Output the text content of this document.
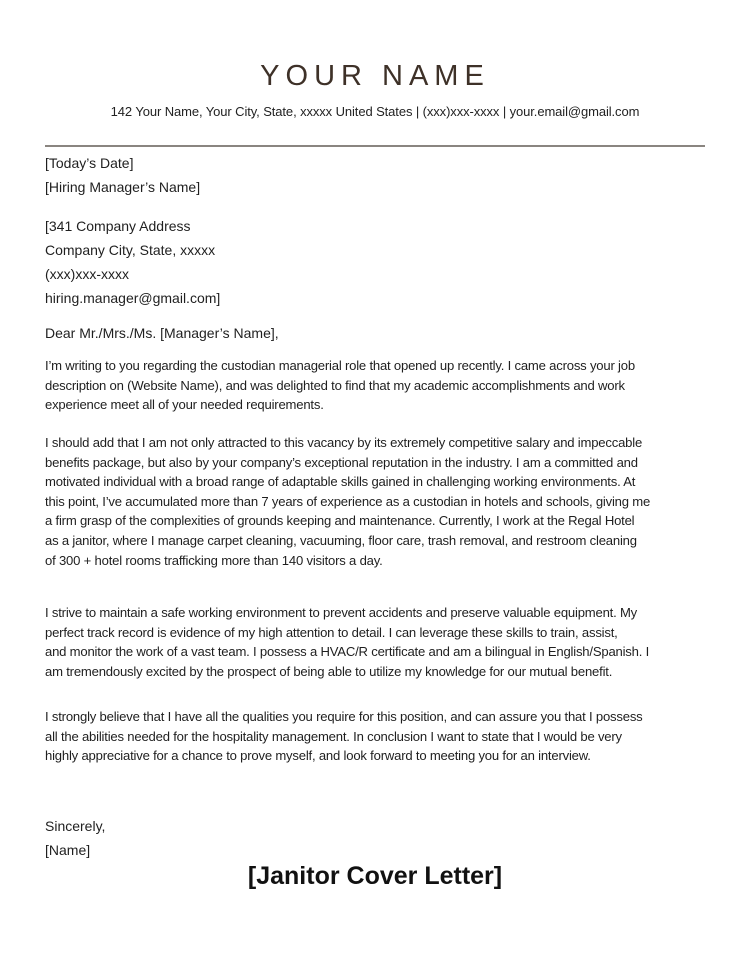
YOUR NAME
142 Your Name, Your City, State, xxxxx United States | (xxx)xxx-xxxx | your.email@gmail.com
[Today’s Date]
[Hiring Manager’s Name]
[341 Company Address
Company City, State, xxxxx
(xxx)xxx-xxxx
hiring.manager@gmail.com]
Dear Mr./Mrs./Ms. [Manager’s Name],
I’m writing to you regarding the custodian managerial role that opened up recently. I came across your job
description on (Website Name), and was delighted to find that my academic accomplishments and work
experience meet all of your needed requirements.
I should add that I am not only attracted to this vacancy by its extremely competitive salary and impeccable
benefits package, but also by your company’s exceptional reputation in the industry. I am a committed and
motivated individual with a broad range of adaptable skills gained in challenging working environments. At
this point, I’ve accumulated more than 7 years of experience as a custodian in hotels and schools, giving me
a firm grasp of the complexities of grounds keeping and maintenance. Currently, I work at the Regal Hotel
as a janitor, where I manage carpet cleaning, vacuuming, floor care, trash removal, and restroom cleaning
of 300 + hotel rooms trafficking more than 140 visitors a day.
I strive to maintain a safe working environment to prevent accidents and preserve valuable equipment. My
perfect track record is evidence of my high attention to detail. I can leverage these skills to train, assist,
and monitor the work of a vast team. I possess a HVAC/R certificate and am a bilingual in English/Spanish. I
am tremendously excited by the prospect of being able to utilize my knowledge for our mutual benefit.
I strongly believe that I have all the qualities you require for this position, and can assure you that I possess
all the abilities needed for the hospitality management. In conclusion I want to state that I would be very
highly appreciative for a chance to prove myself, and look forward to meeting you for an interview.
Sincerely,
[Name]
[Janitor Cover Letter]
